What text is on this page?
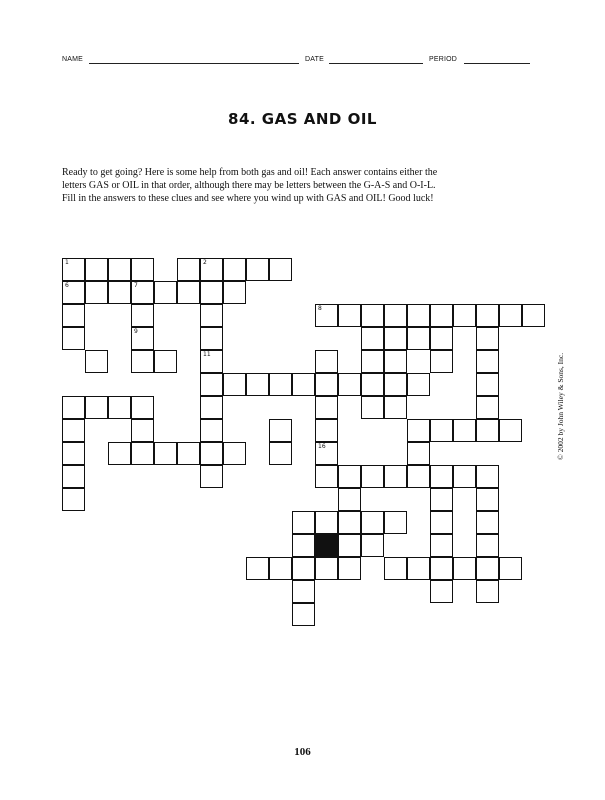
NAME	DATE	PERIOD
84. GAS AND OIL

Ready to get going? Here is some help from both gas and oil! Each answer contains either the
letters GAS or OIL in that order, although there may be letters between the G-A-S and O-I-L.
Fill in the answers to these clues and see where you wind up with GAS and OIL! Good luck!

1	2
6	7
8
9
11
16	© 2002 by John Wiley & Sons, Inc.
106
